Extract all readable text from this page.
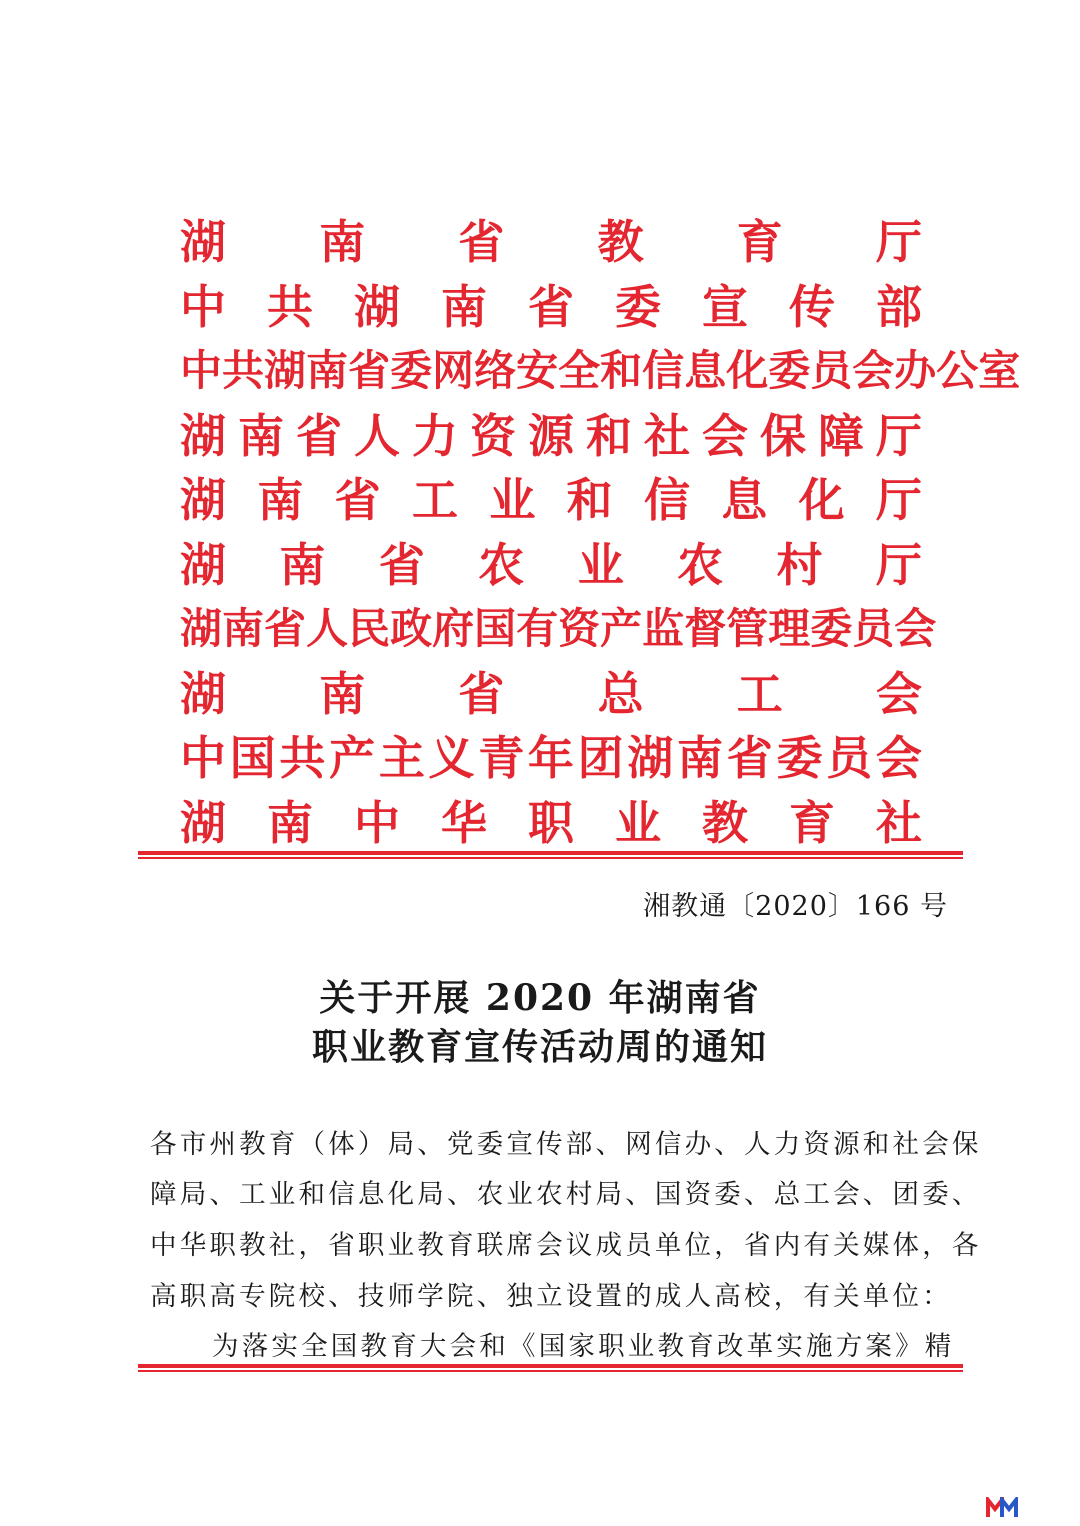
湖 南 省 教 育 厅
中 共 湖 南 省 委 宣 传 部
中 共 湖 南 省 委 网 络 安 全 和 信 息 化 委 员 会 办 公 室
湖 南 省 人 力 资 源 和 社 会 保 障 厅
湖 南 省 工 业 和 信 息 化 厅
湖 南 省 农 业 农 村 厅
湖 南 省 人 民 政 府 国 有 资 产 监 督 管 理 委 员 会
湖 南 省 总 工 会
中 国 共 产 主 义 青 年 团 湖 南 省 委 员 会
湖 南 中 华 职 业 教 育 社
湘教通〔2020〕166 号
关于开展 2020 年湖南省
职业教育宣传活动周的通知
各市州教育（体）局、党委宣传部、网信办、人力资源和社会保
障局、工业和信息化局、农业农村局、国资委、总工会、团委、
中华职教社，省职业教育联席会议成员单位，省内有关媒体，各
高职高专院校、技师学院、独立设置的成人高校，有关单位：
为落实全国教育大会和《国家职业教育改革实施方案》精
